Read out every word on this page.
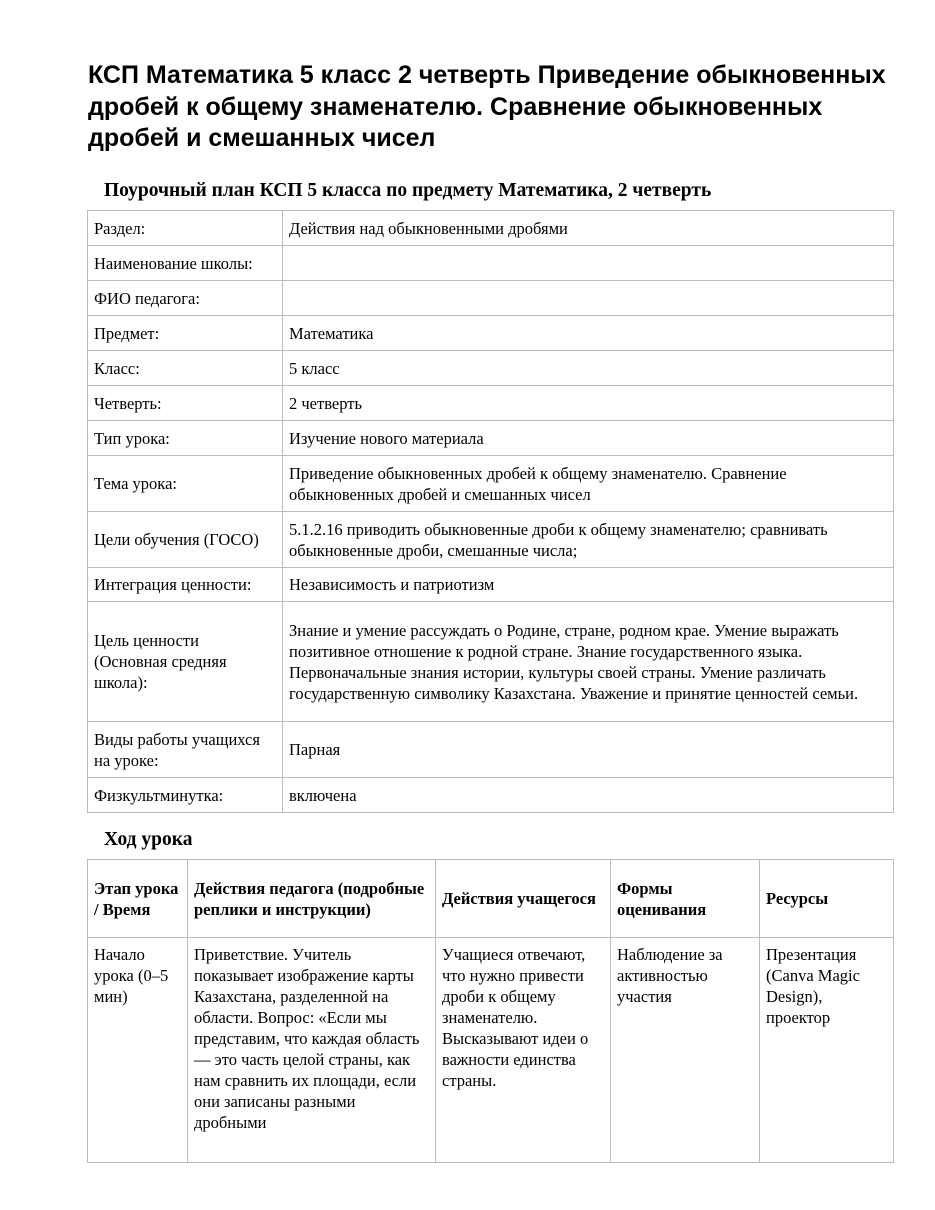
КСП Математика 5 класс 2 четверть Приведение обыкновенных дробей к общему знаменателю. Сравнение обыкновенных дробей и смешанных чисел
Поурочный план КСП 5 класса по предмету Математика, 2 четверть
Раздел:	Действия над обыкновенными дробями
Наименование школы:	
ФИО педагога:	
Предмет:	Математика
Класс:	5 класс
Четверть:	2 четверть
Тип урока:	Изучение нового материала
Тема урока:	Приведение обыкновенных дробей к общему знаменателю. Сравнение обыкновенных дробей и смешанных чисел
Цели обучения (ГОСО)	5.1.2.16 приводить обыкновенные дроби к общему знаменателю; сравнивать обыкновенные дроби, смешанные числа;
Интеграция ценности:	Независимость и патриотизм
Цель ценности (Основная средняя школа):	Знание и умение рассуждать о Родине, стране, родном крае. Умение выражать позитивное отношение к родной стране. Знание государственного языка. Первоначальные знания истории, культуры своей страны. Умение различать государственную символику Казахстана. Уважение и принятие ценностей семьи.
Виды работы учащихся на уроке:	Парная
Физкультминутка:	включена
Ход урока
Этап урока / Время	Действия педагога (подробные реплики и инструкции)	Действия учащегося	Формы оценивания	Ресурсы
Начало урока (0–5 мин)	Приветствие. Учитель показывает изображение карты Казахстана, разделенной на области. Вопрос: «Если мы представим, что каждая область — это часть целой страны, как нам сравнить их площади, если они записаны разными дробными	Учащиеся отвечают, что нужно привести дроби к общему знаменателю. Высказывают идеи о важности единства страны.	Наблюдение за активностью участия	Презентация (Canva Magic Design), проектор
